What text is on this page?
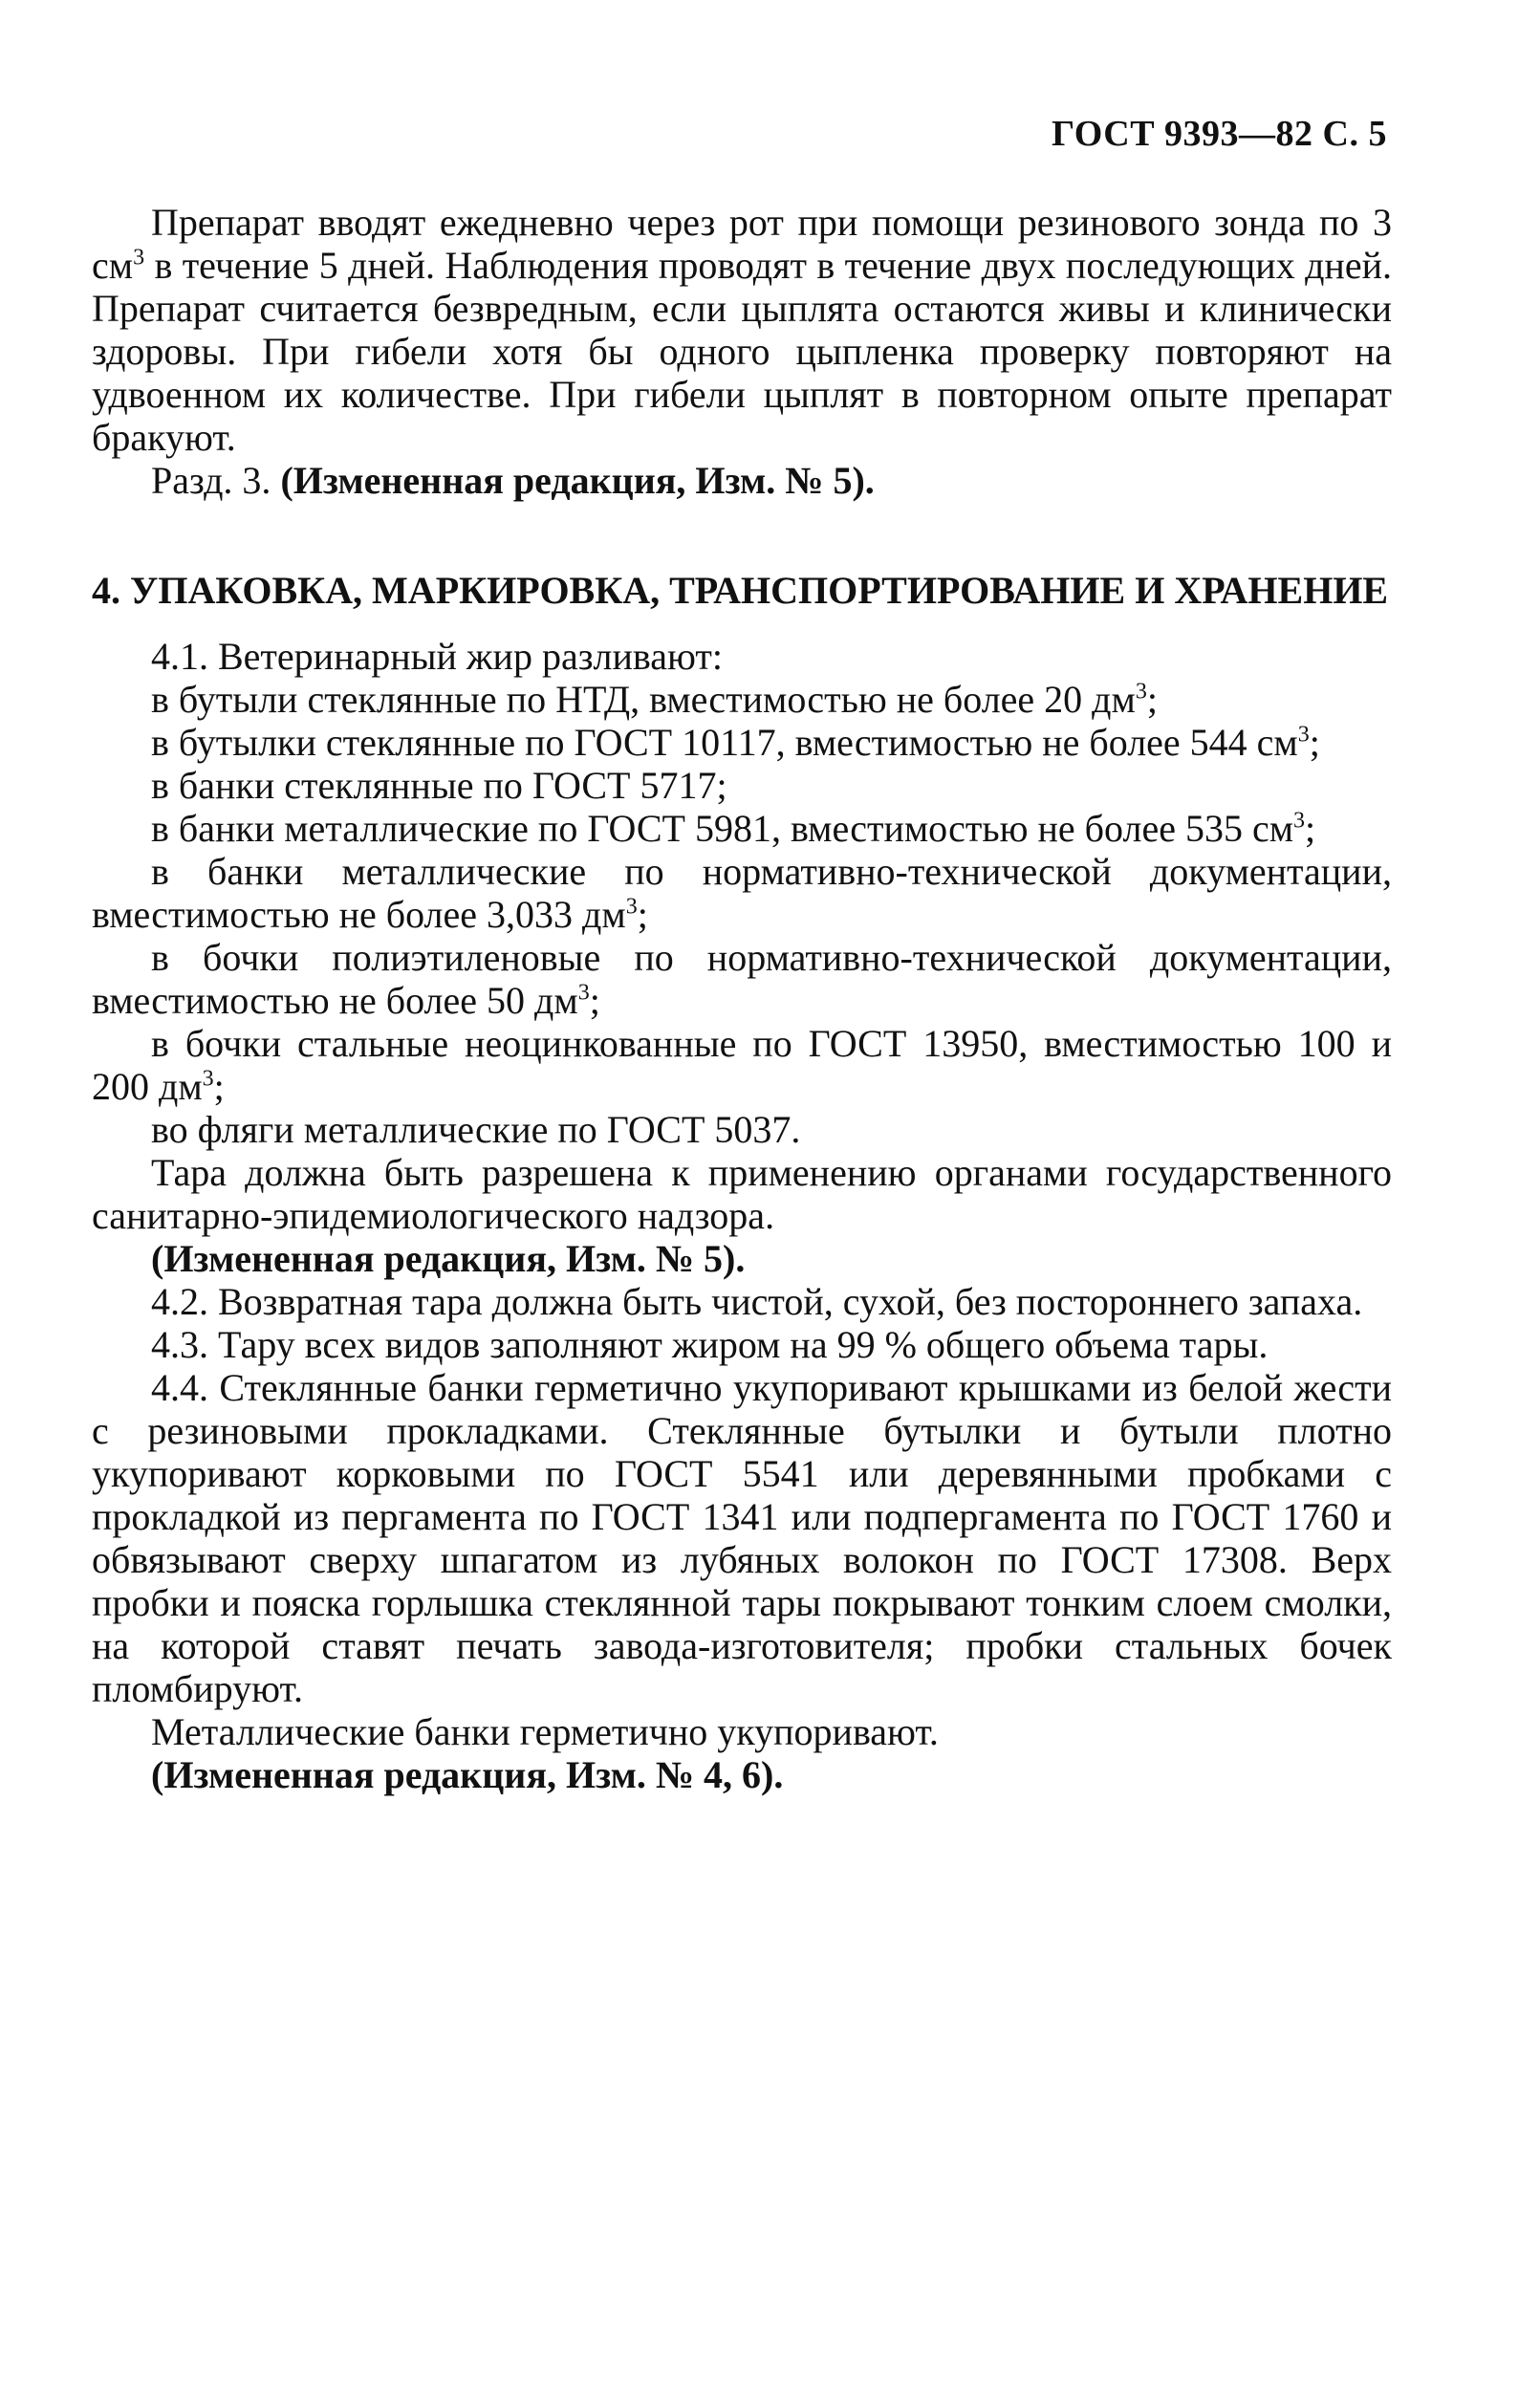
ГОСТ 9393—82 С. 5

Препарат вводят ежедневно через рот при помощи резинового зонда по 3 $см^3$ в течение 5 дней. Наблюдения проводят в течение двух последующих дней. Препарат считается безвредным, если цыплята остаются живы и клинически здоровы. При гибели хотя бы одного цыпленка проверку повторяют на удвоенном их количестве. При гибели цыплят в повторном опыте препарат бракуют.

Разд. 3. (Измененная редакция, Изм. № 5).

4. УПАКОВКА, МАРКИРОВКА, ТРАНСПОРТИРОВАНИЕ И ХРАНЕНИЕ

4.1. Ветеринарный жир разливают:

в бутыли стеклянные по НТД, вместимостью не более 20 $дм^3$;

в бутылки стеклянные по ГОСТ 10117, вместимостью не более 544 $см^3$;

в банки стеклянные по ГОСТ 5717;

в банки металлические по ГОСТ 5981, вместимостью не более 535 $см^3$;

в банки металлические по нормативно-технической документации, вместимостью не более 3,033 $дм^3$;

в бочки полиэтиленовые по нормативно-технической документации, вместимостью не более 50 $дм^3$;

в бочки стальные неоцинкованные по ГОСТ 13950, вместимостью 100 и 200 $дм^3$;

во фляги металлические по ГОСТ 5037.

Тара должна быть разрешена к применению органами государственного санитарно-эпидемиологического надзора.

(Измененная редакция, Изм. № 5).

4.2. Возвратная тара должна быть чистой, сухой, без постороннего запаха.

4.3. Тару всех видов заполняют жиром на 99 % общего объема тары.

4.4. Стеклянные банки герметично укупоривают крышками из белой жести с резиновыми прокладками. Стеклянные бутылки и бутыли плотно укупоривают корковыми по ГОСТ 5541 или деревянными пробками с прокладкой из пергамента по ГОСТ 1341 или подпергамента по ГОСТ 1760 и обвязывают сверху шпагатом из лубяных волокон по ГОСТ 17308. Верх пробки и пояска горлышка стеклянной тары покрывают тонким слоем смолки, на которой ставят печать завода-изготовителя; пробки стальных бочек пломбируют.

Металлические банки герметично укупоривают.

(Измененная редакция, Изм. № 4, 6).
